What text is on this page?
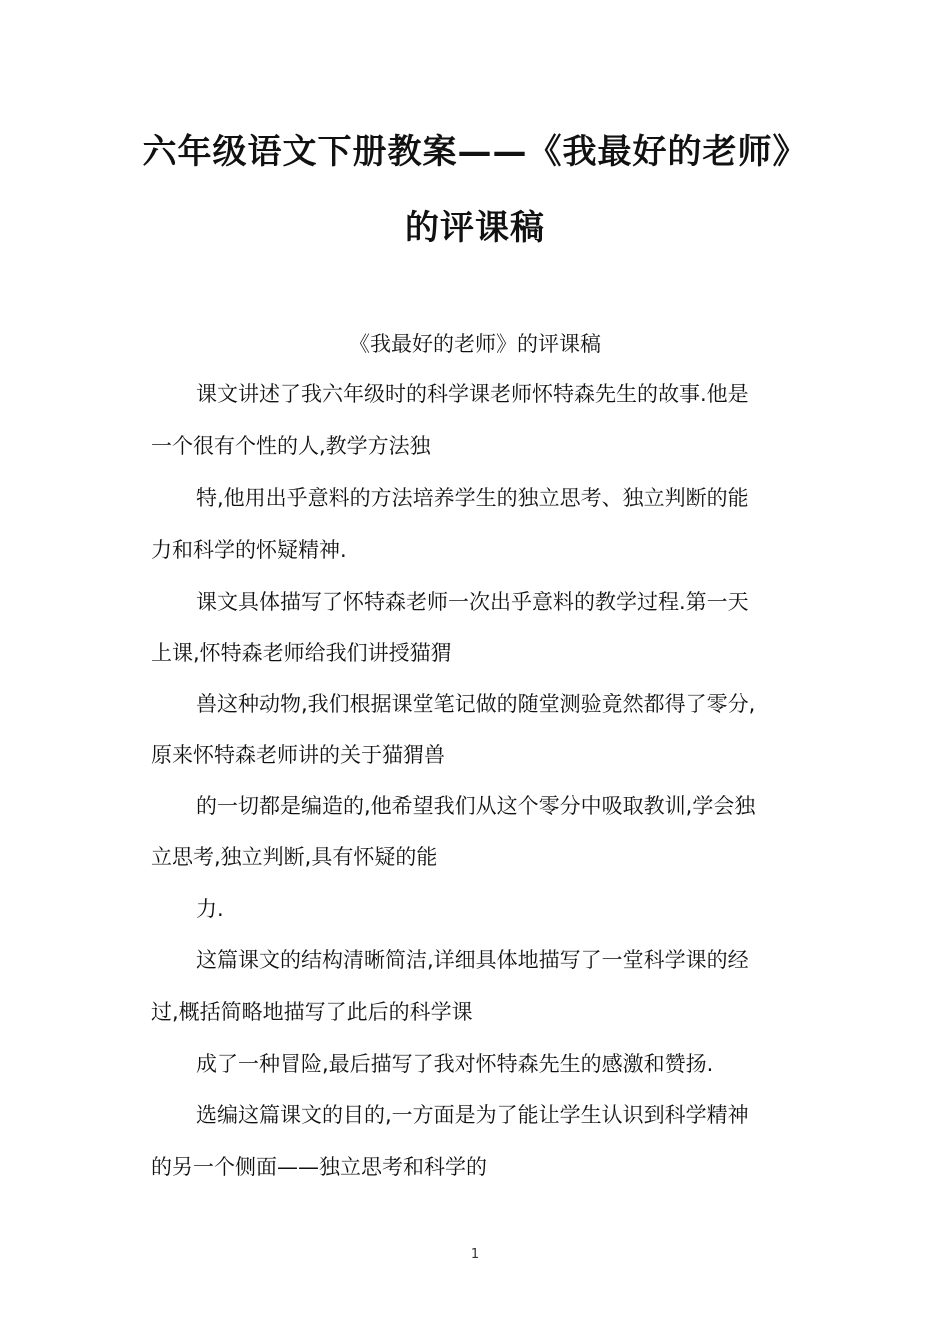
六年级语文下册教案——《我最好的老师》
的评课稿
《我最好的老师》的评课稿
课文讲述了我六年级时的科学课老师怀特森先生的故事.他是
一个很有个性的人,教学方法独
特,他用出乎意料的方法培养学生的独立思考、独立判断的能
力和科学的怀疑精神.
课文具体描写了怀特森老师一次出乎意料的教学过程.第一天
上课,怀特森老师给我们讲授猫猬
兽这种动物,我们根据课堂笔记做的随堂测验竟然都得了零分,
原来怀特森老师讲的关于猫猬兽
的一切都是编造的,他希望我们从这个零分中吸取教训,学会独
立思考,独立判断,具有怀疑的能
力.
这篇课文的结构清晰简洁,详细具体地描写了一堂科学课的经
过,概括简略地描写了此后的科学课
成了一种冒险,最后描写了我对怀特森先生的感激和赞扬.
选编这篇课文的目的,一方面是为了能让学生认识到科学精神
的另一个侧面——独立思考和科学的
1
